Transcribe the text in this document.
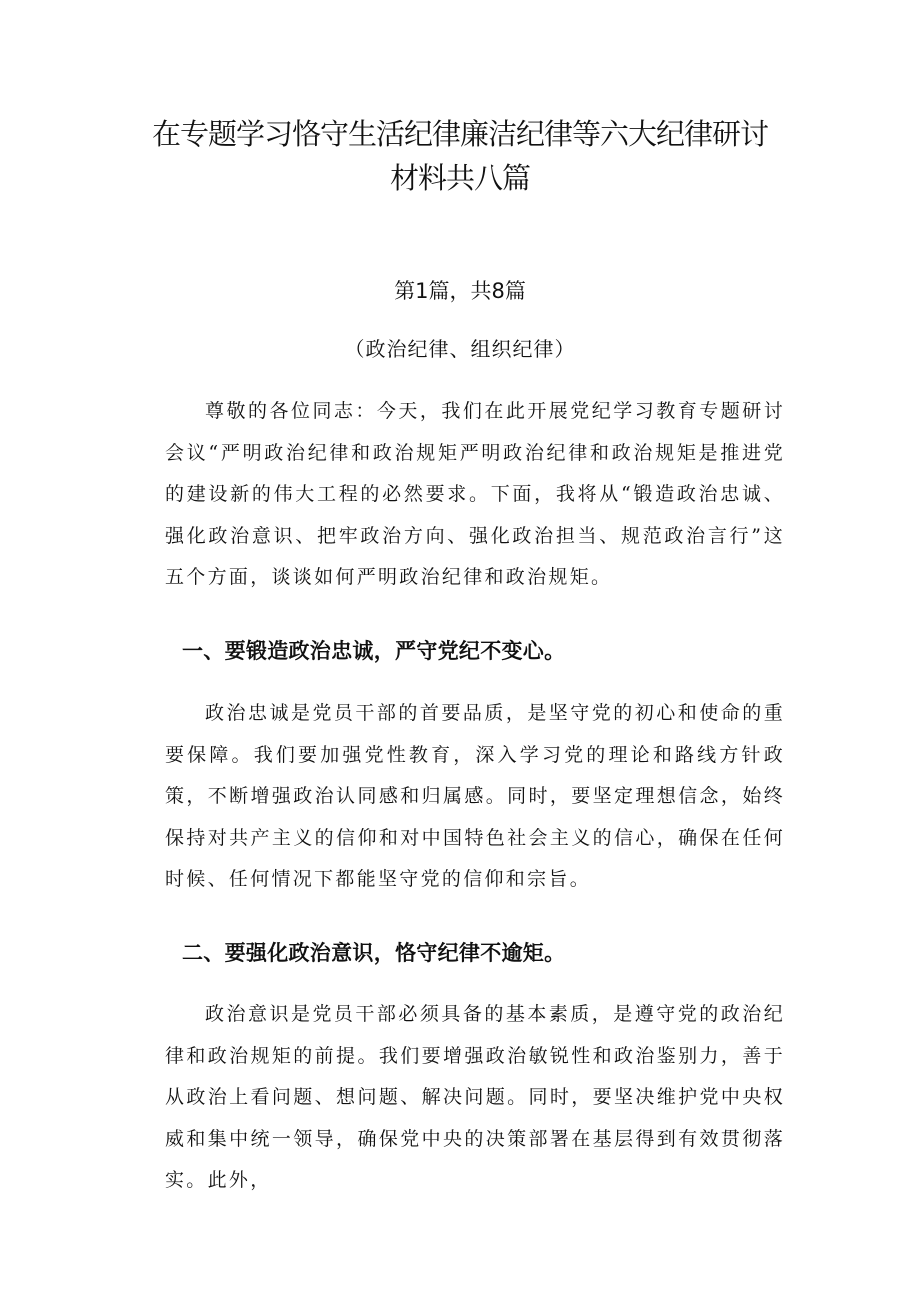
在专题学习恪守生活纪律廉洁纪律等六大纪律研讨
材料共八篇
第1篇，共8篇
（政治纪律、组织纪律）

尊敬的各位同志：今天，我们在此开展党纪学习教育专题研讨会议“严明政治纪律和政治规矩严明政治纪律和政治规矩是推进党的建设新的伟大工程的必然要求。下面，我将从“锻造政治忠诚、强化政治意识、把牢政治方向、强化政治担当、规范政治言行”这五个方面，谈谈如何严明政治纪律和政治规矩。

一、要锻造政治忠诚，严守党纪不变心。

政治忠诚是党员干部的首要品质，是坚守党的初心和使命的重要保障。我们要加强党性教育，深入学习党的理论和路线方针政策，不断增强政治认同感和归属感。同时，要坚定理想信念，始终保持对共产主义的信仰和对中国特色社会主义的信心，确保在任何时候、任何情况下都能坚守党的信仰和宗旨。

二、要强化政治意识，恪守纪律不逾矩。

政治意识是党员干部必须具备的基本素质，是遵守党的政治纪律和政治规矩的前提。我们要增强政治敏锐性和政治鉴别力，善于从政治上看问题、想问题、解决问题。同时，要坚决维护党中央权威和集中统一领导，确保党中央的决策部署在基层得到有效贯彻落实。此外，
